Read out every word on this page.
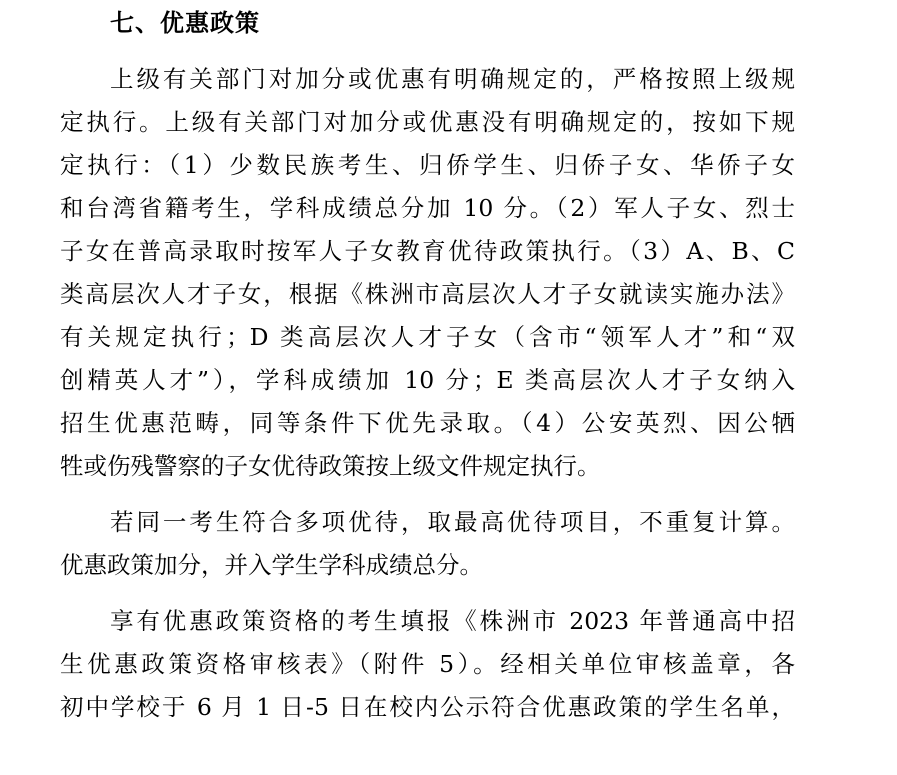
七、优惠政策
上级有关部门对加分或优惠有明确规定的，严格按照上级规
定执行。上级有关部门对加分或优惠没有明确规定的，按如下规
定执行：（1）少数民族考生、归侨学生、归侨子女、华侨子女
和台湾省籍考生，学科成绩总分加 10 分。（2）军人子女、烈士
子女在普高录取时按军人子女教育优待政策执行。（3）A、B、C
类高层次人才子女，根据《株洲市高层次人才子女就读实施办法》
有关规定执行；D 类高层次人才子女（含市“领军人才”和“双
创精英人才”），学科成绩加 10 分；E 类高层次人才子女纳入
招生优惠范畴，同等条件下优先录取。（4）公安英烈、因公牺
牲或伤残警察的子女优待政策按上级文件规定执行。
若同一考生符合多项优待，取最高优待项目，不重复计算。
优惠政策加分，并入学生学科成绩总分。
享有优惠政策资格的考生填报《株洲市 2023 年普通高中招
生优惠政策资格审核表》（附件 5）。经相关单位审核盖章，各
初中学校于 6 月 1 日-5 日在校内公示符合优惠政策的学生名单，
